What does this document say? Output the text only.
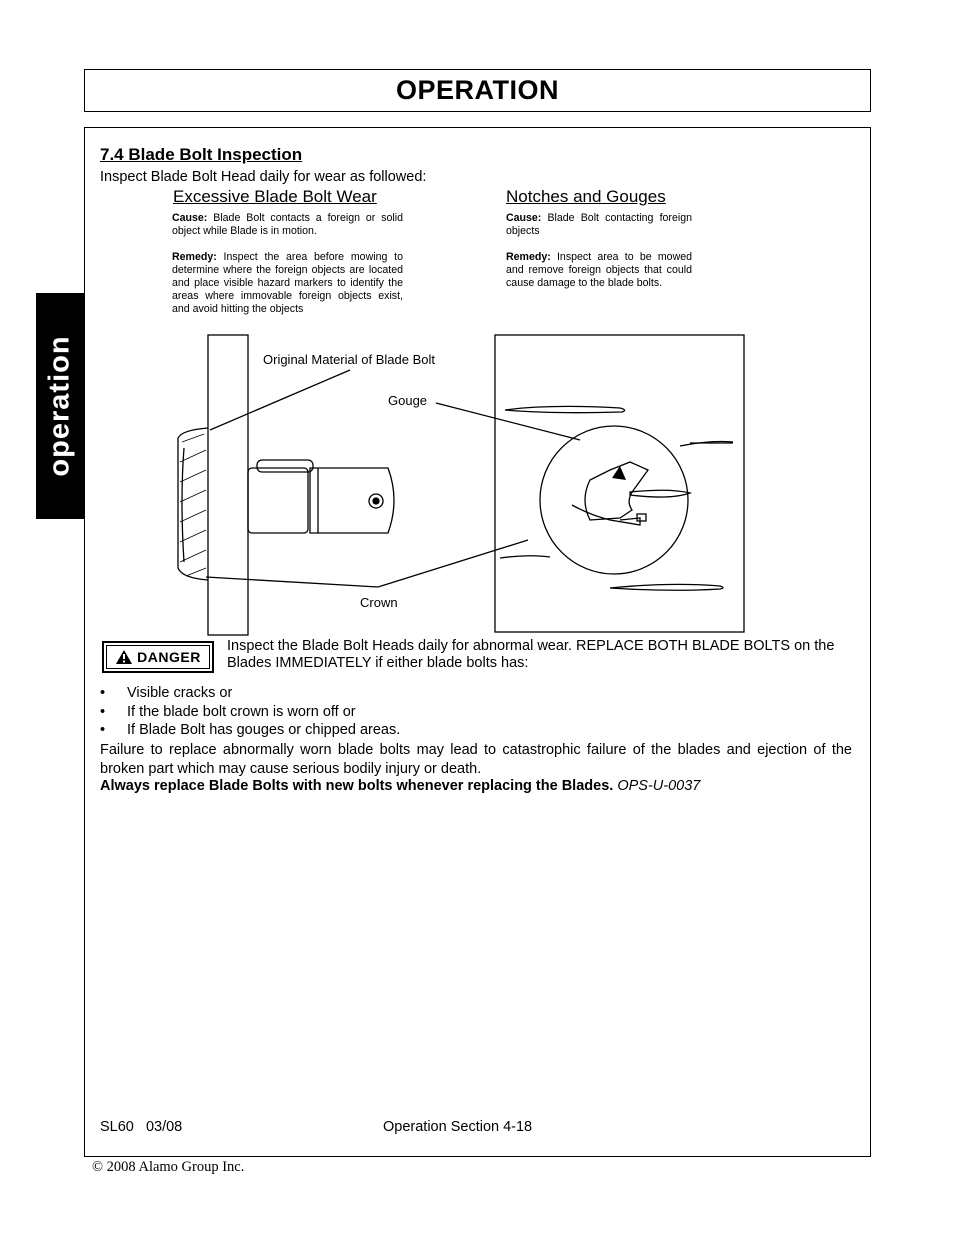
OPERATION
operation
7.4 Blade Bolt Inspection
Inspect Blade Bolt Head daily for wear as followed:
Excessive Blade Bolt Wear
Cause: Blade Bolt contacts a foreign or solid object while Blade is in motion.
Remedy: Inspect the area before mowing to determine where the foreign objects are located and place visible hazard markers to identify the areas where immovable foreign objects exist, and avoid hitting the objects
Notches and Gouges
Cause: Blade Bolt contacting foreign objects
Remedy: Inspect area to be mowed and remove foreign objects that could cause damage to the blade bolts.
Original Material of Blade Bolt
Gouge
Crown
DANGER
Inspect the Blade Bolt Heads daily for abnormal wear. REPLACE BOTH BLADE BOLTS on the Blades IMMEDIATELY if either blade bolts has:
• Visible cracks or
• If the blade bolt crown is worn off or
• If Blade Bolt has gouges or chipped areas.
Failure to replace abnormally worn blade bolts may lead to catastrophic failure of the blades and ejection of the broken part which may cause serious bodily injury or death.
Always replace Blade Bolts with new bolts whenever replacing the Blades. OPS-U-0037
SL60   03/08	Operation Section 4-18
© 2008 Alamo Group Inc.
